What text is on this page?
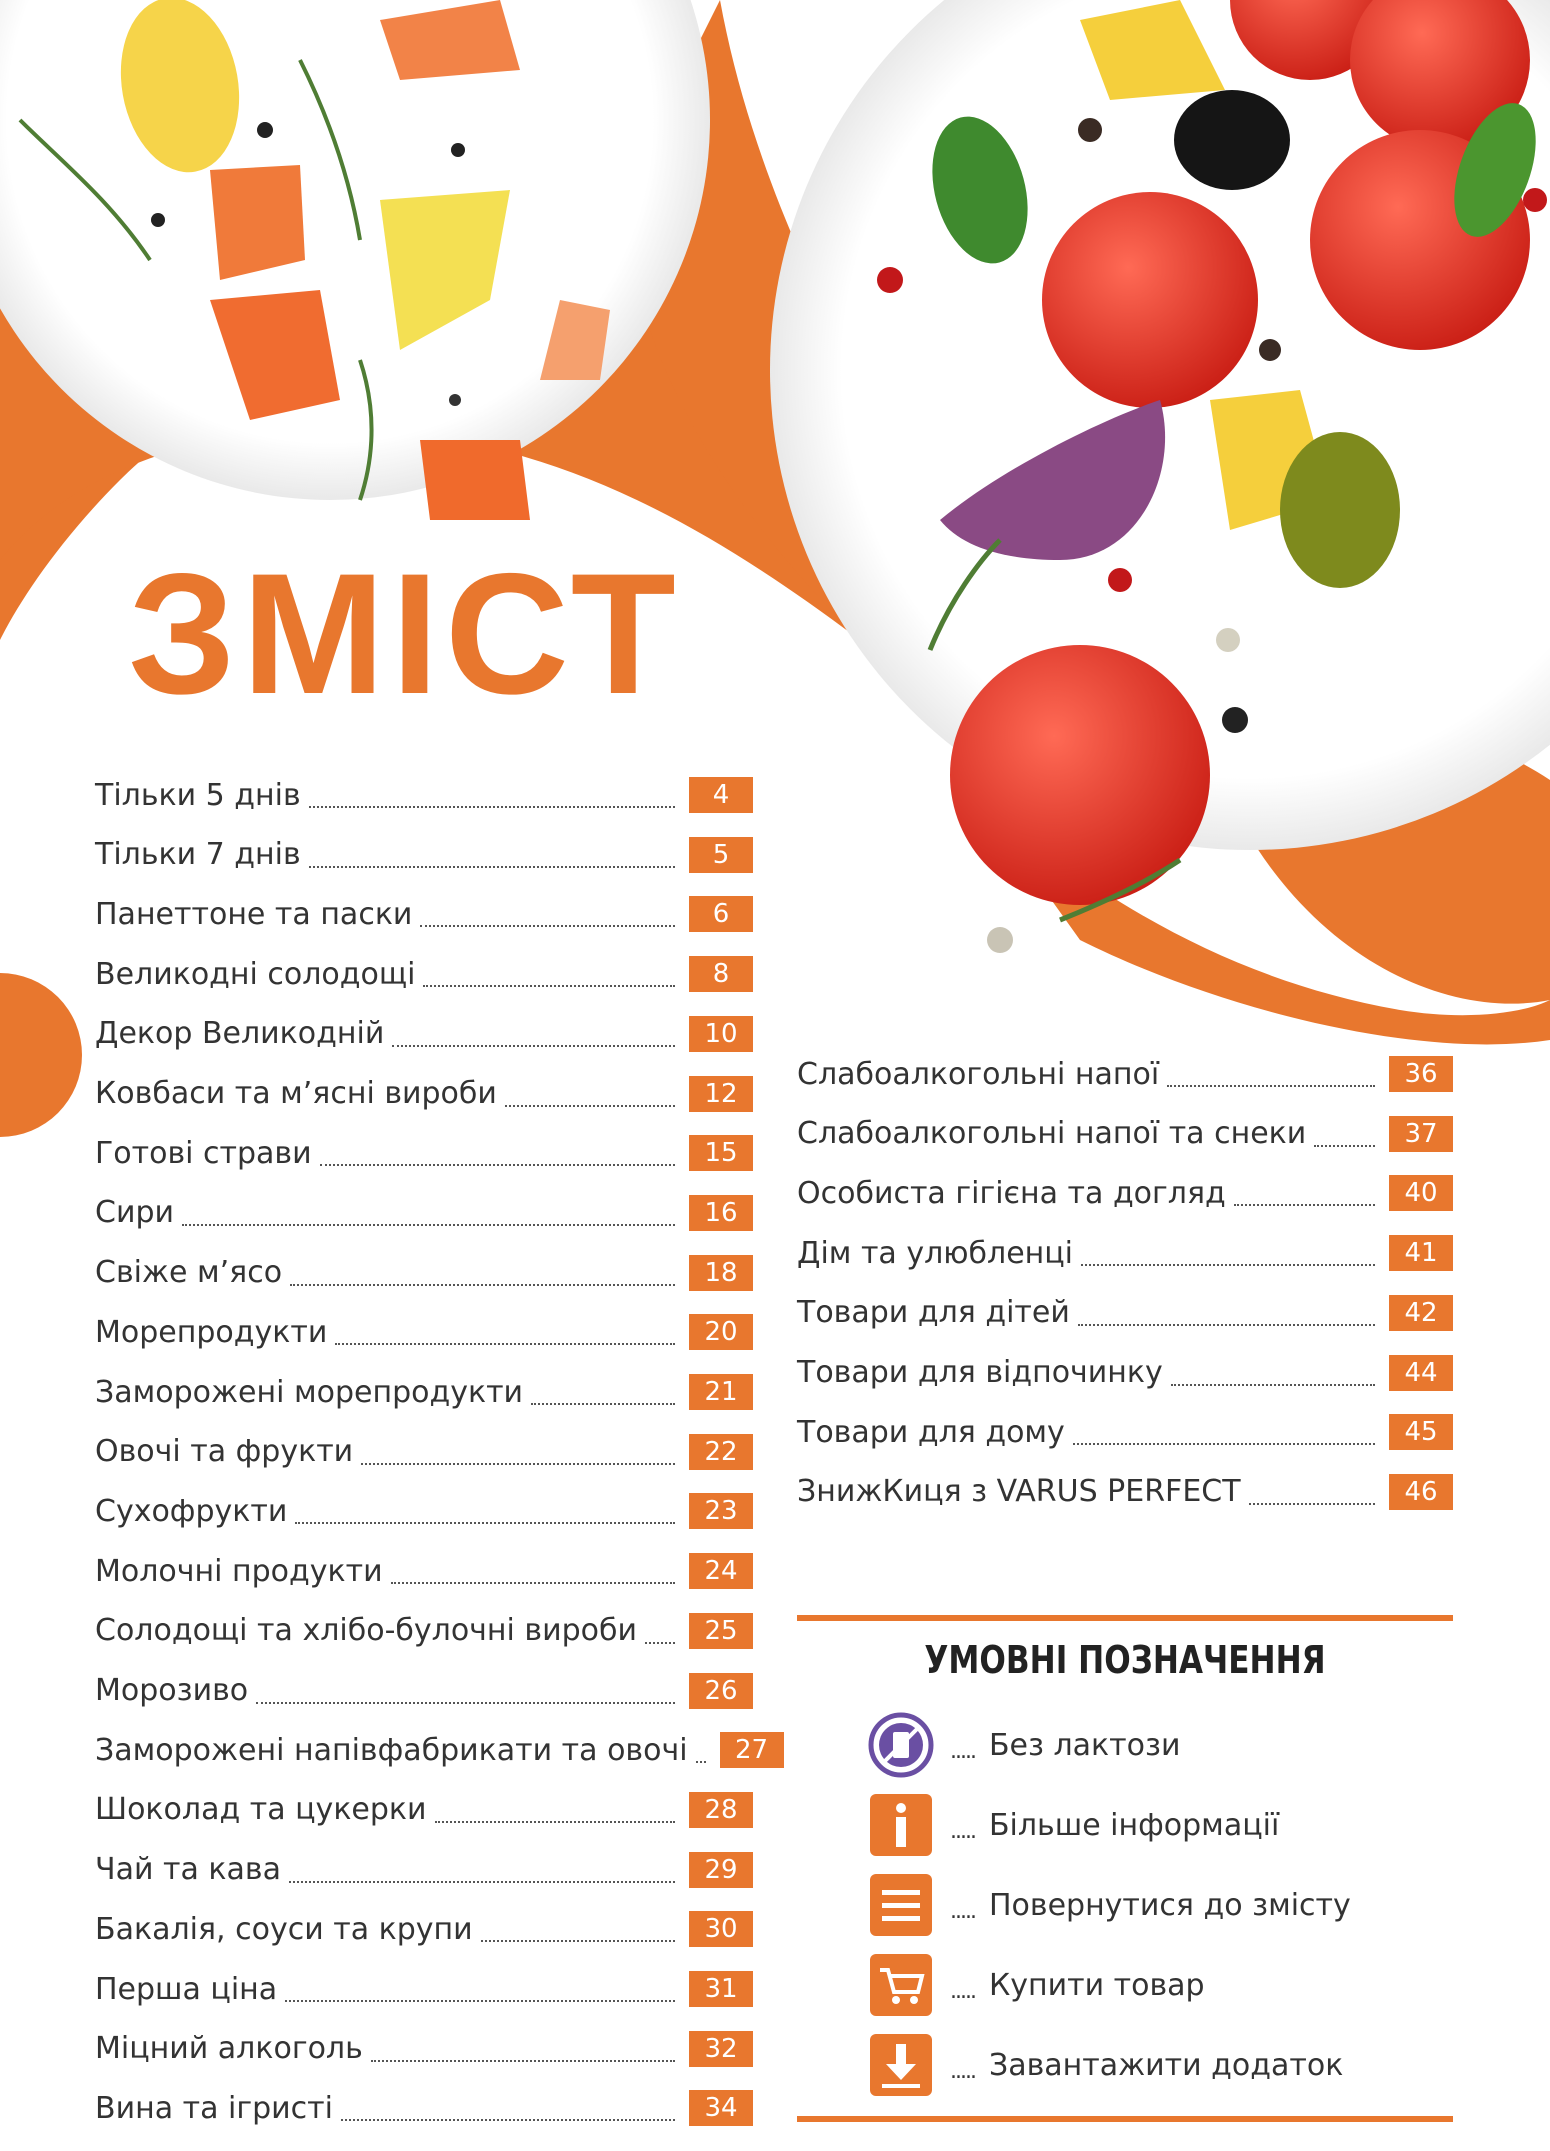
ЗМІСТ
Тільки 5 днів	4
Тільки 7 днів	5
Панеттоне та паски	6
Великодні солодощі	8
Декор Великодній	10
Ковбаси та м’ясні вироби	12
Готові страви	15
Сири	16
Свіже м’ясо	18
Морепродукти	20
Заморожені морепродукти	21
Овочі та фрукти	22
Сухофрукти	23
Молочні продукти	24
Солодощі та хлібо-булочні вироби	25
Морозиво	26
Заморожені напівфабрикати та овочі	27
Шоколад та цукерки	28
Чай та кава	29
Бакалія, соуси та крупи	30
Перша ціна	31
Міцний алкоголь	32
Вина та ігристі	34
Слабоалкогольні напої	36
Слабоалкогольні напої та снеки	37
Особиста гігієна та догляд	40
Дім та улюбленці	41
Товари для дітей	42
Товари для відпочинку	44
Товари для дому	45
ЗнижКиця з VARUS PERFECT	46
УМОВНІ ПОЗНАЧЕННЯ
..... Без лактози
..... Більше інформації
..... Повернутися до змісту
..... Купити товар
..... Завантажити додаток
